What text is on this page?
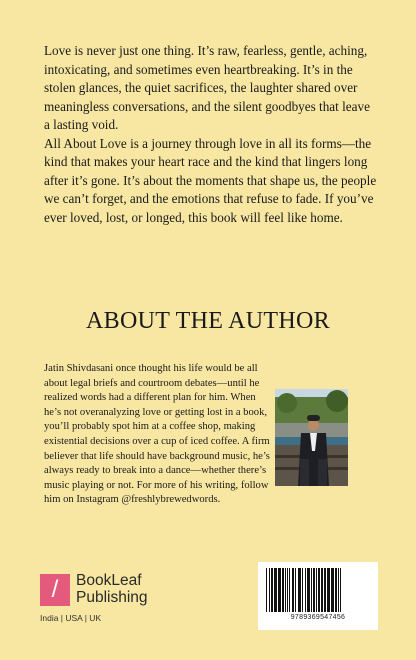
Love is never just one thing. It’s raw, fearless, gentle, aching, intoxicating, and sometimes even heartbreaking. It’s in the stolen glances, the quiet sacrifices, the laughter shared over meaningless conversations, and the silent goodbyes that leave a lasting void.

All About Love is a journey through love in all its forms—the kind that makes your heart race and the kind that lingers long after it’s gone. It’s about the moments that shape us, the people we can’t forget, and the emotions that refuse to fade. If you’ve ever loved, lost, or longed, this book will feel like home.

ABOUT THE AUTHOR

Jatin Shivdasani once thought his life would be all about legal briefs and courtroom debates—until he realized words had a different plan for him. When he’s not overanalyzing love or getting lost in a book, you’ll probably spot him at a coffee shop, making existential decisions over a cup of iced coffee. A firm believer that life should have background music, he’s always ready to break into a dance—whether there’s music playing or not. For more of his writing, follow him on Instagram @freshlybrewedwords.

/	BookLeaf
Publishing
India | USA | UK	9789369547456
